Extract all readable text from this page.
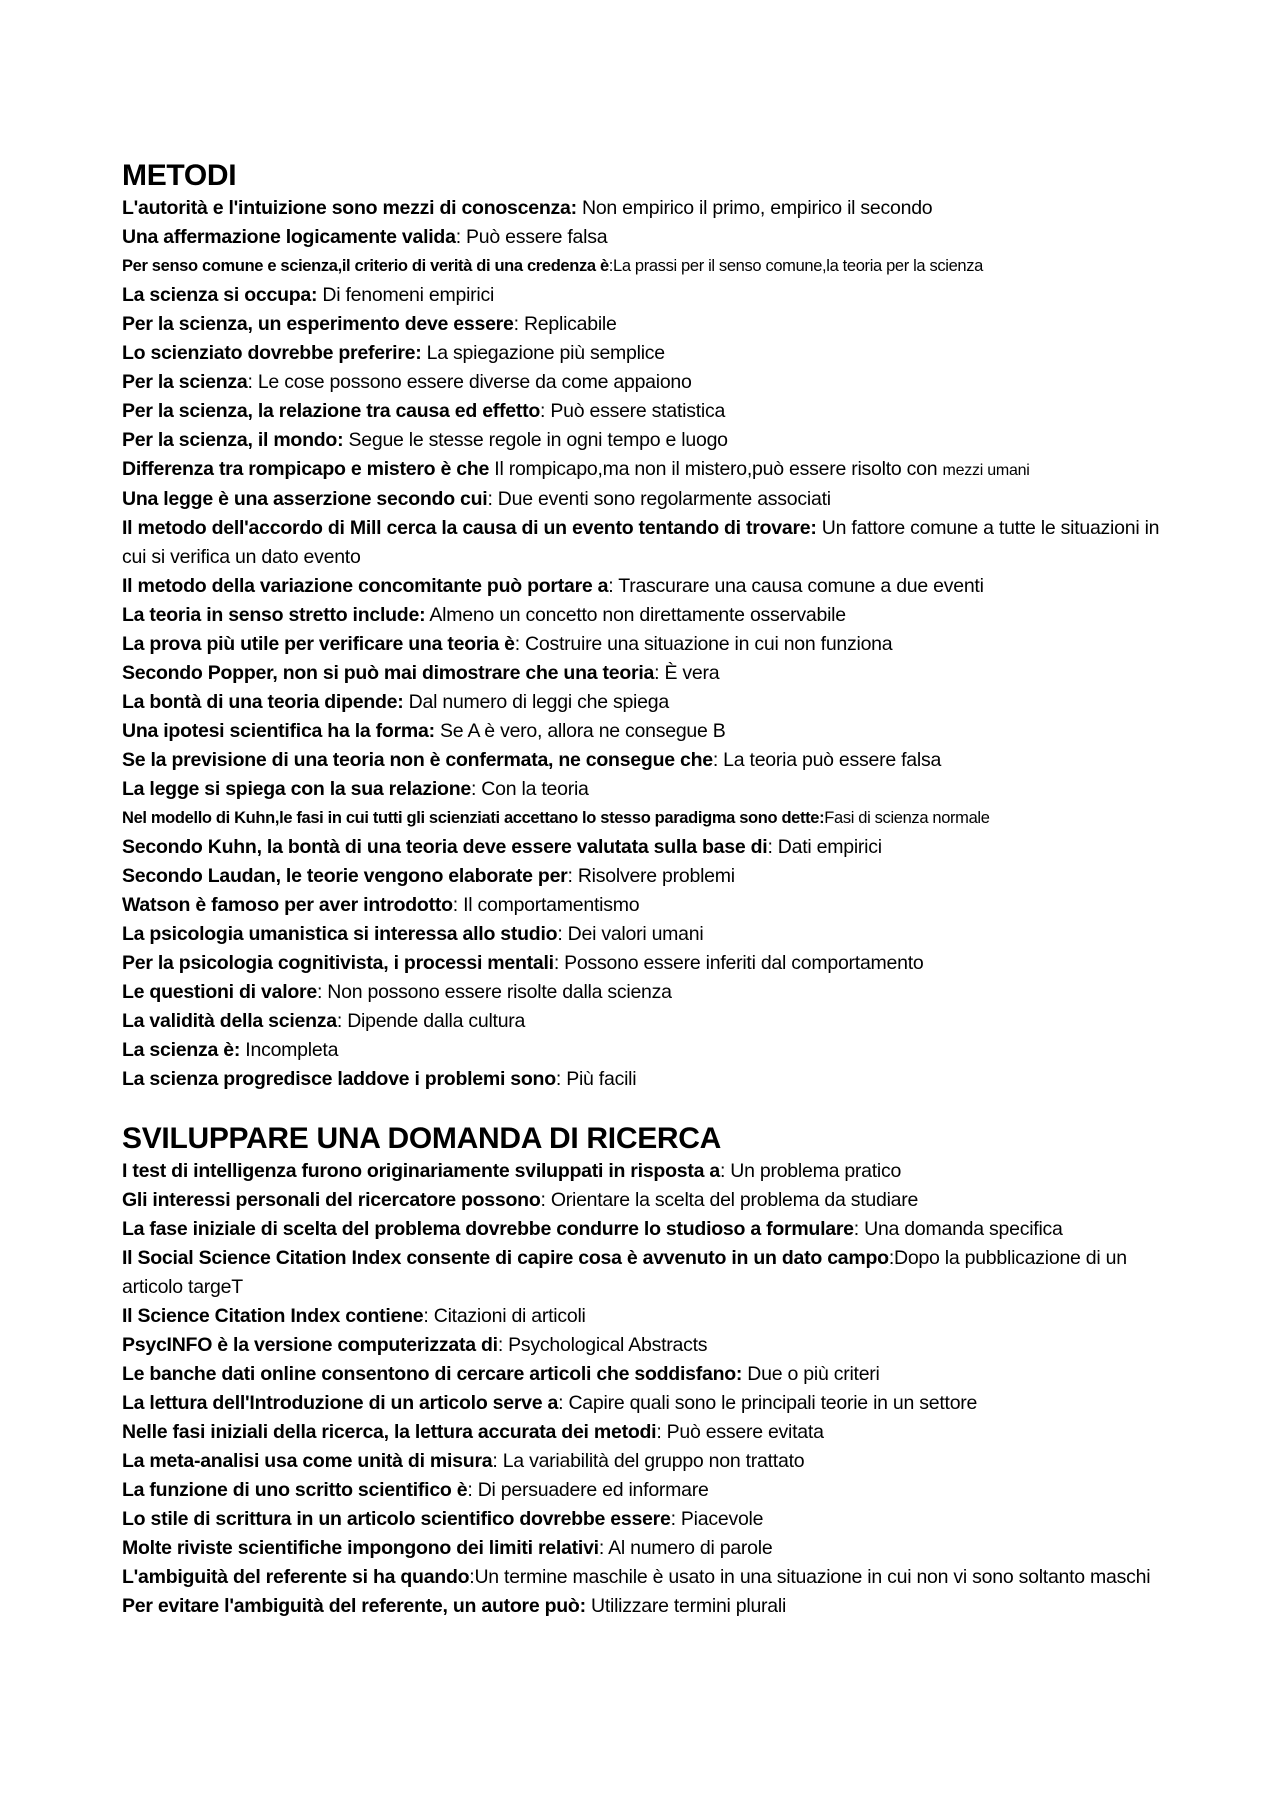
METODI
L'autorità e l'intuizione sono mezzi di conoscenza: Non empirico il primo, empirico il secondo
Una affermazione logicamente valida: Può essere falsa
Per senso comune e scienza,il criterio di verità di una credenza è:La prassi per il senso comune,la teoria per la scienza
La scienza si occupa: Di fenomeni empirici
Per la scienza, un esperimento deve essere: Replicabile
Lo scienziato dovrebbe preferire: La spiegazione più semplice
Per la scienza: Le cose possono essere diverse da come appaiono
Per la scienza, la relazione tra causa ed effetto: Può essere statistica
Per la scienza, il mondo: Segue le stesse regole in ogni tempo e luogo
Differenza tra rompicapo e mistero è che Il rompicapo,ma non il mistero,può essere risolto con mezzi umani
Una legge è una asserzione secondo cui: Due eventi sono regolarmente associati
Il metodo dell'accordo di Mill cerca la causa di un evento tentando di trovare: Un fattore comune a tutte le situazioni in cui si verifica un dato evento
Il metodo della variazione concomitante può portare a: Trascurare una causa comune a due eventi
La teoria in senso stretto include: Almeno un concetto non direttamente osservabile
La prova più utile per verificare una teoria è: Costruire una situazione in cui non funziona
Secondo Popper, non si può mai dimostrare che una teoria: È vera
La bontà di una teoria dipende: Dal numero di leggi che spiega
Una ipotesi scientifica ha la forma: Se A è vero, allora ne consegue B
Se la previsione di una teoria non è confermata, ne consegue che: La teoria può essere falsa
La legge si spiega con la sua relazione: Con la teoria
Nel modello di Kuhn,le fasi in cui tutti gli scienziati accettano lo stesso paradigma sono dette:Fasi di scienza normale
Secondo Kuhn, la bontà di una teoria deve essere valutata sulla base di: Dati empirici
Secondo Laudan, le teorie vengono elaborate per: Risolvere problemi
Watson è famoso per aver introdotto: Il comportamentismo
La psicologia umanistica si interessa allo studio: Dei valori umani
Per la psicologia cognitivista, i processi mentali: Possono essere inferiti dal comportamento
Le questioni di valore: Non possono essere risolte dalla scienza
La validità della scienza: Dipende dalla cultura
La scienza è: Incompleta
La scienza progredisce laddove i problemi sono: Più facili
SVILUPPARE UNA DOMANDA DI RICERCA
I test di intelligenza furono originariamente sviluppati in risposta a: Un problema pratico
Gli interessi personali del ricercatore possono: Orientare la scelta del problema da studiare
La fase iniziale di scelta del problema dovrebbe condurre lo studioso a formulare: Una domanda specifica
Il Social Science Citation Index consente di capire cosa è avvenuto in un dato campo:Dopo la pubblicazione di un articolo targeT
Il Science Citation Index contiene: Citazioni di articoli
PsycINFO è la versione computerizzata di: Psychological Abstracts
Le banche dati online consentono di cercare articoli che soddisfano: Due o più criteri
La lettura dell'Introduzione di un articolo serve a: Capire quali sono le principali teorie in un settore
Nelle fasi iniziali della ricerca, la lettura accurata dei metodi: Può essere evitata
La meta-analisi usa come unità di misura: La variabilità del gruppo non trattato
La funzione di uno scritto scientifico è: Di persuadere ed informare
Lo stile di scrittura in un articolo scientifico dovrebbe essere: Piacevole
Molte riviste scientifiche impongono dei limiti relativi: Al numero di parole
L'ambiguità del referente si ha quando:Un termine maschile è usato in una situazione in cui non vi sono soltanto maschi
Per evitare l'ambiguità del referente, un autore può: Utilizzare termini plurali
